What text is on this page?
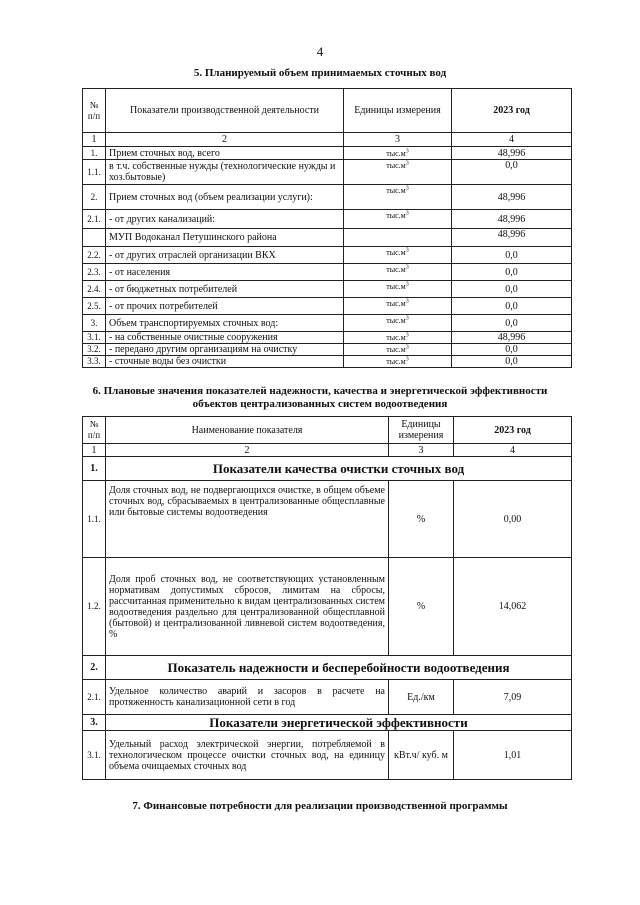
4
5. Планируемый объем принимаемых сточных вод
№ п/п	Показатели производственной деятельности	Единицы измерения	2023 год
1	2	3	4
1.	Прием сточных вод, всего	$тыс.м^3$	48,996
1.1.	в т.ч. собственные нужды (технологические нужды и хоз.бытовые)	$тыс.м^3$	0,0
2.	Прием сточных вод (объем реализации услуги):	$тыс.м^3$	48,996
2.1.	- от других канализаций:	$тыс.м^3$	48,996
	МУП Водоканал Петушинского района		48,996
2.2.	- от других отраслей организации ВКХ	$тыс.м^3$	0,0
2.3.	- от населения	$тыс.м^3$	0,0
2.4.	- от бюджетных потребителей	$тыс.м^3$	0,0
2.5.	- от прочих потребителей	$тыс.м^3$	0,0
3.	Объем транспортируемых сточных вод:	$тыс.м^3$	0,0
3.1.	- на собственные очистные сооружения	$тыс.м^3$	48,996
3.2.	- передано другим организациям на очистку	$тыс.м^3$	0,0
3.3.	- сточные воды без очистки	$тыс.м^3$	0,0
6. Плановые значения показателей надежности, качества и энергетической эффективности
объектов централизованных систем водоотведения
№ п/п	Наименование показателя	Единицы измерения	2023 год
1	2	3	4
1.	Показатели качества очистки сточных вод		
1.1.	Доля сточных вод, не подвергающихся очистке, в общем объеме сточных вод, сбрасываемых в централизованные общесплавные или бытовые системы водоотведения	%	0,00
1.2.	Доля проб сточных вод, не соответствующих установленным нормативам допустимых сбросов, лимитам на сбросы, рассчитанная применительно к видам централизованных систем водоотведения раздельно для централизованной общесплавной (бытовой) и централизованной ливневой систем водоотведения, %	%	14,062
2.	Показатель надежности и бесперебойности водоотведения		
2.1.	Удельное количество аварий и засоров в расчете на протяженность канализационной сети в год	Ед./км	7,09
3.	Показатели энергетической эффективности		
3.1.	Удельный расход электрической энергии, потребляемой в технологическом процессе очистки сточных вод, на единицу объема очищаемых сточных вод	кВт.ч/ куб. м	1,01
7. Финансовые потребности для реализации производственной программы
